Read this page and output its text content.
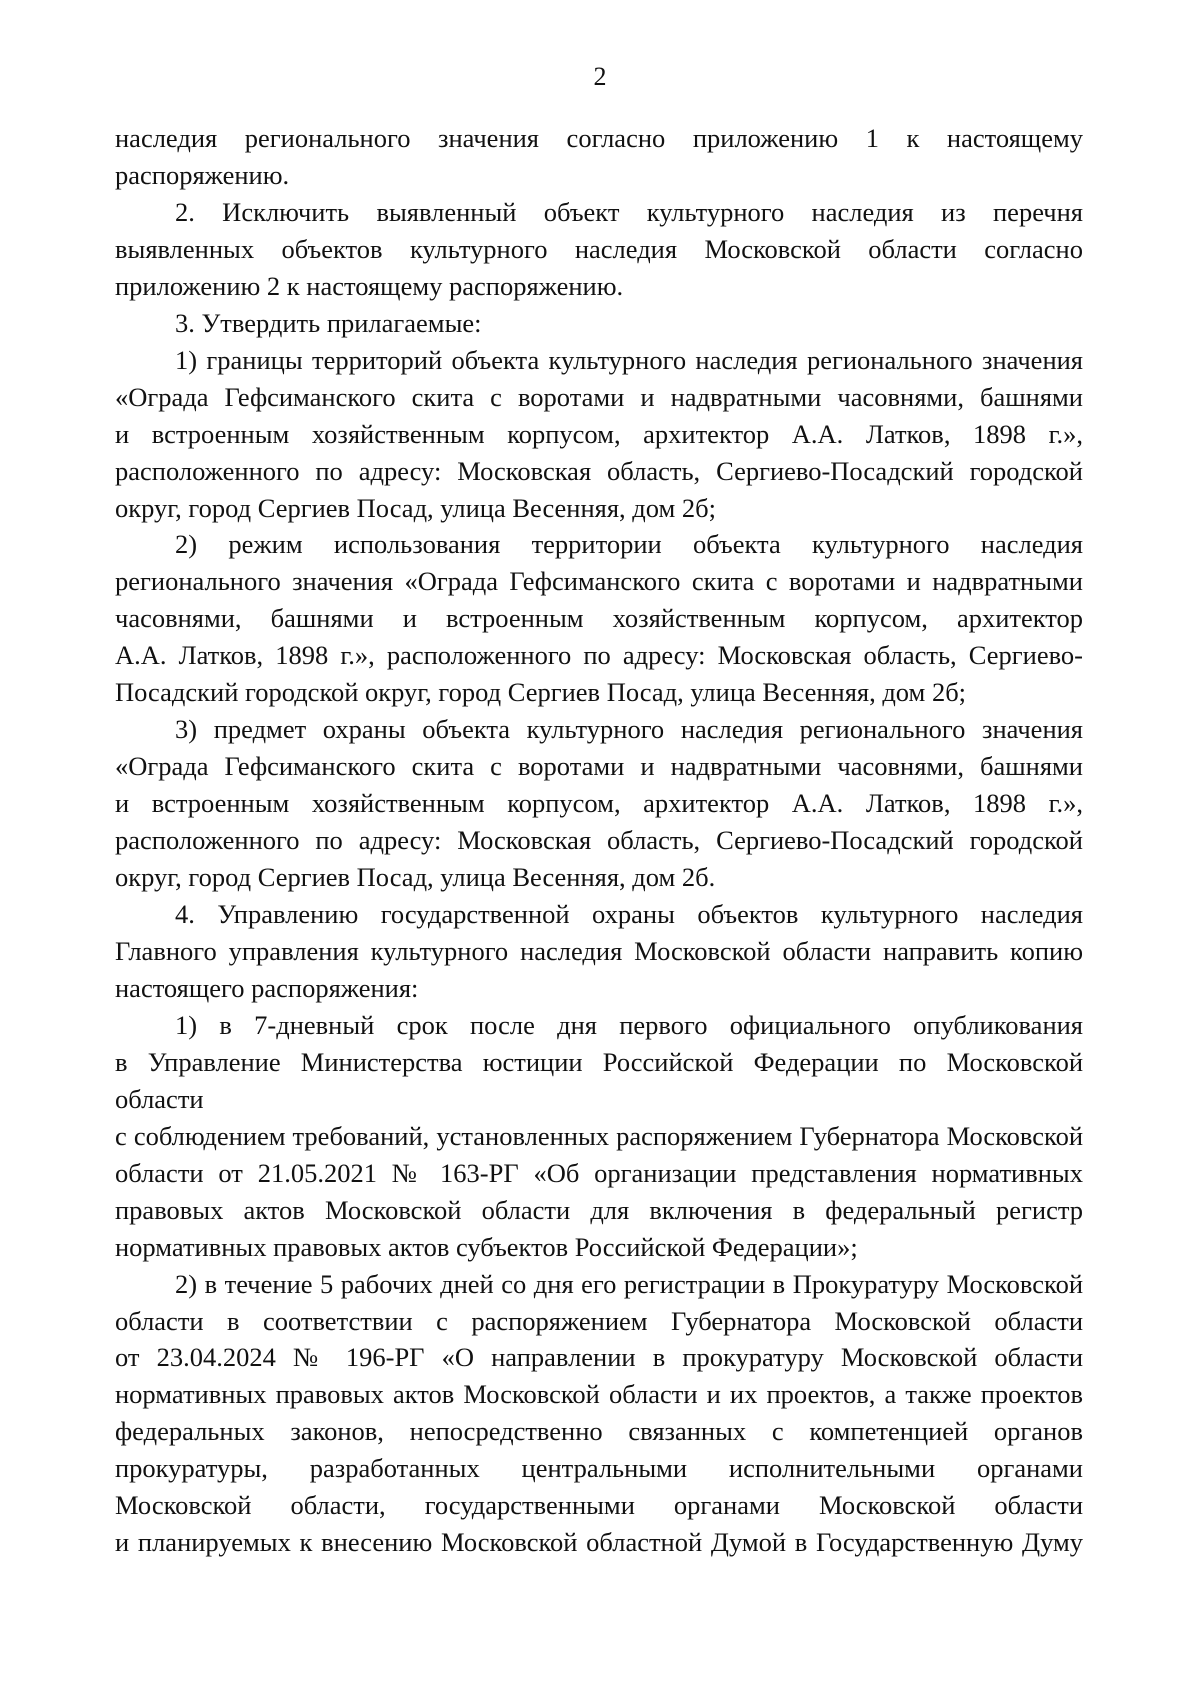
2

наследия регионального значения согласно приложению 1 к настоящему

распоряжению.

2. Исключить выявленный объект культурного наследия из перечня

выявленных объектов культурного наследия Московской области согласно

приложению 2 к настоящему распоряжению.

3. Утвердить прилагаемые:

1) границы территорий объекта культурного наследия регионального значения

«Ограда Гефсиманского скита с воротами и надвратными часовнями, башнями

и встроенным хозяйственным корпусом, архитектор А.А. Латков, 1898 г.»,

расположенного по адресу: Московская область, Сергиево-Посадский городской

округ, город Сергиев Посад, улица Весенняя, дом 2б;

2) режим использования территории объекта культурного наследия

регионального значения «Ограда Гефсиманского скита с воротами и надвратными

часовнями, башнями и встроенным хозяйственным корпусом, архитектор

А.А. Латков, 1898 г.», расположенного по адресу: Московская область, Сергиево-

Посадский городской округ, город Сергиев Посад, улица Весенняя, дом 2б;

3) предмет охраны объекта культурного наследия регионального значения

«Ограда Гефсиманского скита с воротами и надвратными часовнями, башнями

и встроенным хозяйственным корпусом, архитектор А.А. Латков, 1898 г.»,

расположенного по адресу: Московская область, Сергиево-Посадский городской

округ, город Сергиев Посад, улица Весенняя, дом 2б.

4. Управлению государственной охраны объектов культурного наследия

Главного управления культурного наследия Московской области направить копию

настоящего распоряжения:

1) в 7-дневный срок после дня первого официального опубликования

в Управление Министерства юстиции Российской Федерации по Московской области

с соблюдением требований, установленных распоряжением Губернатора Московской

области от 21.05.2021 № 163-РГ «Об организации представления нормативных

правовых актов Московской области для включения в федеральный регистр

нормативных правовых актов субъектов Российской Федерации»;

2) в течение 5 рабочих дней со дня его регистрации в Прокуратуру Московской

области в соответствии с распоряжением Губернатора Московской области

от 23.04.2024 № 196-РГ «О направлении в прокуратуру Московской области

нормативных правовых актов Московской области и их проектов, а также проектов

федеральных законов, непосредственно связанных с компетенцией органов

прокуратуры, разработанных центральными исполнительными органами

Московской области, государственными органами Московской области

и планируемых к внесению Московской областной Думой в Государственную Думу
